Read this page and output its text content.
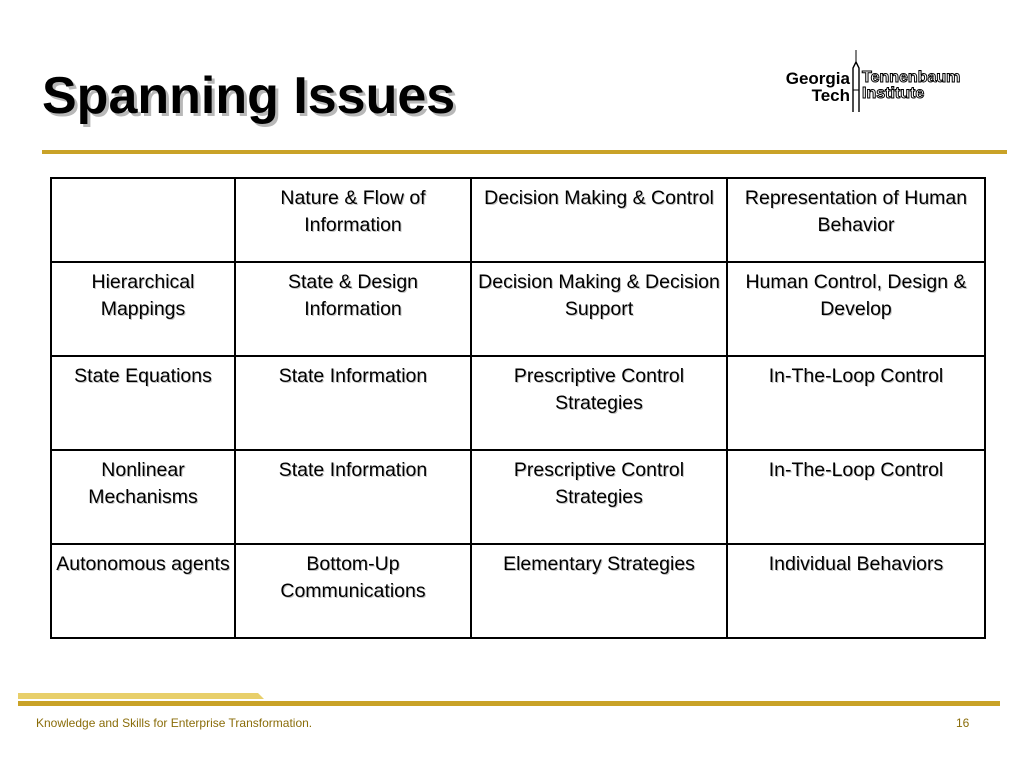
Spanning Issues	Georgia
Tech
Tennenbaum
Institute
	Nature & Flow of Information	Decision Making & Control	Representation of Human Behavior
Hierarchical Mappings	State & Design Information	Decision Making & Decision Support	Human Control, Design & Develop
State Equations	State Information	Prescriptive Control Strategies	In-The-Loop Control
Nonlinear Mechanisms	State Information	Prescriptive Control Strategies	In-The-Loop Control
Autonomous agents	Bottom-Up Communications	Elementary Strategies	Individual Behaviors
Knowledge and Skills for Enterprise Transformation.	16
